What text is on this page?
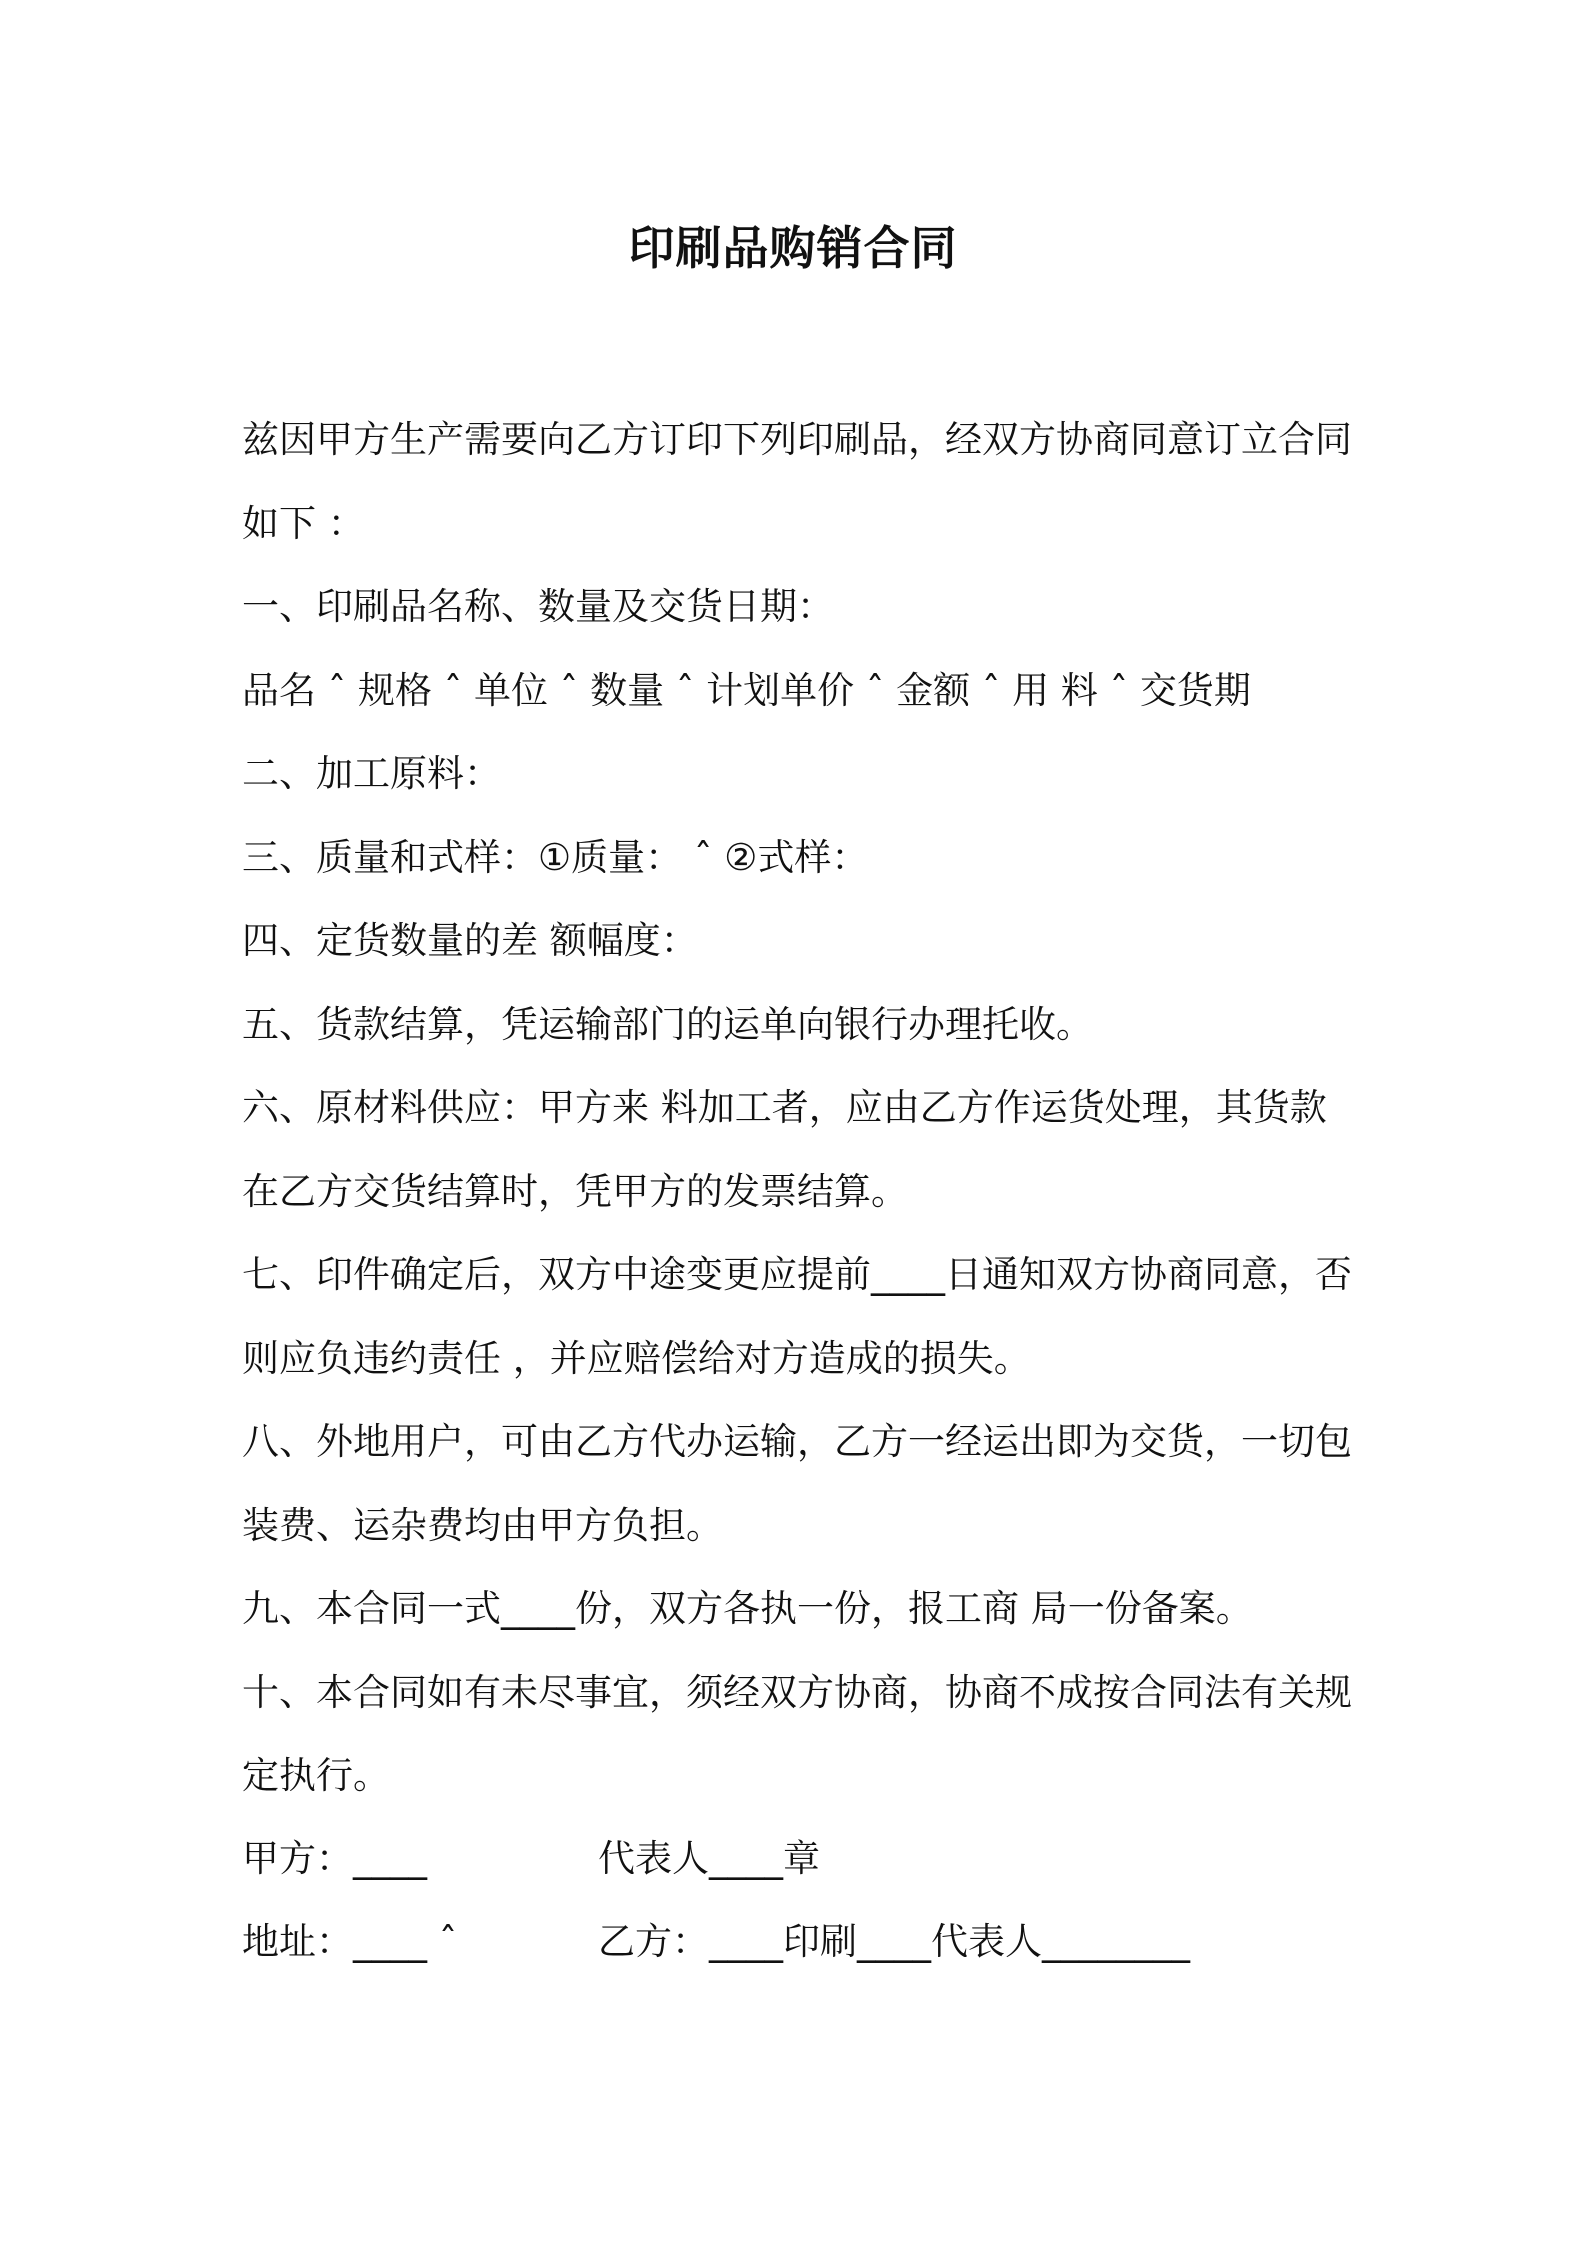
印刷品购销合同
兹因甲方生产需要向乙方订印下列印刷品，经双方协商同意订立合同
如下 ：
一、印刷品名称、数量及交货日期：
品名 ˆ 规格 ˆ 单位 ˆ 数量 ˆ 计划单价 ˆ 金额 ˆ 用 料 ˆ 交货期
二、加工原料：
三、质量和式样：①质量： ˆ ②式样：
四、定货数量的差 额幅度：
五、货款结算，凭运输部门的运单向银行办理托收。
六、原材料供应：甲方来 料加工者，应由乙方作运货处理，其货款
在乙方交货结算时，凭甲方的发票结算。
七、印件确定后，双方中途变更应提前____日通知双方协商同意，否
则应负违约责任 ，并应赔偿给对方造成的损失。
八、外地用户，可由乙方代办运输，乙方一经运出即为交货，一切包
装费、运杂费均由甲方负担。
九、本合同一式____份，双方各执一份，报工商 局一份备案。
十、本合同如有未尽事宜，须经双方协商，协商不成按合同法有关规
定执行。
甲方：____	代表人____章
地址：____ ˆ	乙方：____印刷____代表人________
